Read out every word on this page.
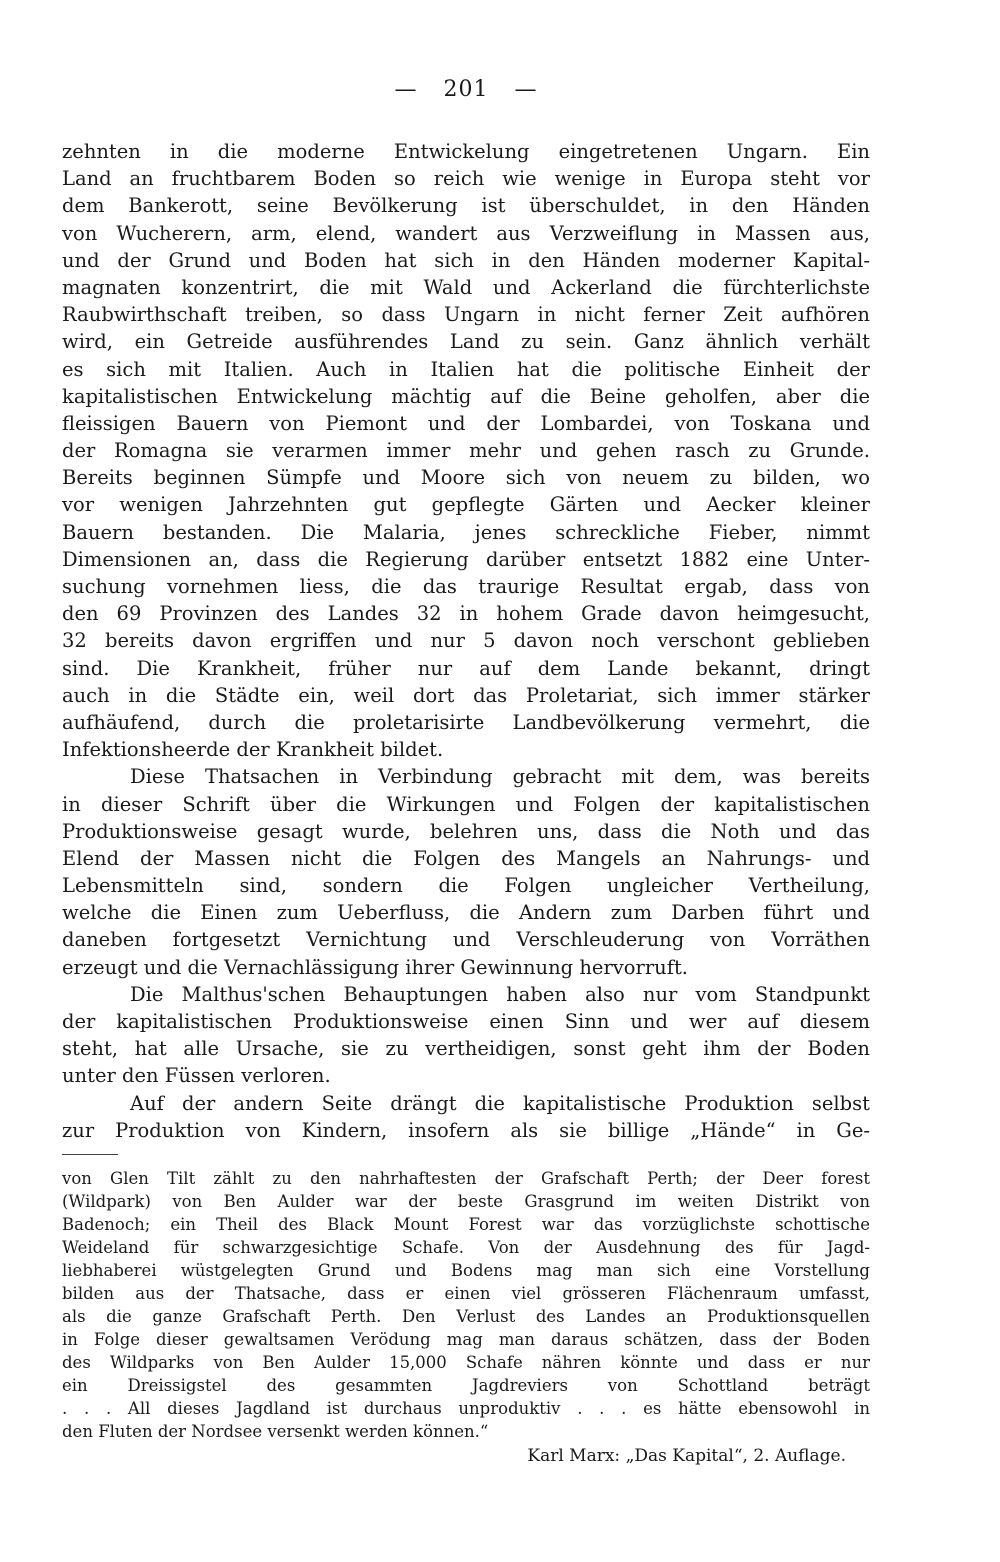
— 201 —
zehnten in die moderne Entwickelung eingetretenen Ungarn. Ein
Land an fruchtbarem Boden so reich wie wenige in Europa steht vor
dem Bankerott, seine Bevölkerung ist überschuldet, in den Händen
von Wucherern, arm, elend, wandert aus Verzweiflung in Massen aus,
und der Grund und Boden hat sich in den Händen moderner Kapital-
magnaten konzentrirt, die mit Wald und Ackerland die fürchterlichste
Raubwirthschaft treiben, so dass Ungarn in nicht ferner Zeit aufhören
wird, ein Getreide ausführendes Land zu sein. Ganz ähnlich verhält
es sich mit Italien. Auch in Italien hat die politische Einheit der
kapitalistischen Entwickelung mächtig auf die Beine geholfen, aber die
fleissigen Bauern von Piemont und der Lombardei, von Toskana und
der Romagna sie verarmen immer mehr und gehen rasch zu Grunde.
Bereits beginnen Sümpfe und Moore sich von neuem zu bilden, wo
vor wenigen Jahrzehnten gut gepflegte Gärten und Aecker kleiner
Bauern bestanden. Die Malaria, jenes schreckliche Fieber, nimmt
Dimensionen an, dass die Regierung darüber entsetzt 1882 eine Unter-
suchung vornehmen liess, die das traurige Resultat ergab, dass von
den 69 Provinzen des Landes 32 in hohem Grade davon heimgesucht,
32 bereits davon ergriffen und nur 5 davon noch verschont geblieben
sind. Die Krankheit, früher nur auf dem Lande bekannt, dringt
auch in die Städte ein, weil dort das Proletariat, sich immer stärker
aufhäufend, durch die proletarisirte Landbevölkerung vermehrt, die
Infektionsheerde der Krankheit bildet.
Diese Thatsachen in Verbindung gebracht mit dem, was bereits
in dieser Schrift über die Wirkungen und Folgen der kapitalistischen
Produktionsweise gesagt wurde, belehren uns, dass die Noth und das
Elend der Massen nicht die Folgen des Mangels an Nahrungs- und
Lebensmitteln sind, sondern die Folgen ungleicher Vertheilung,
welche die Einen zum Ueberfluss, die Andern zum Darben führt und
daneben fortgesetzt Vernichtung und Verschleuderung von Vorräthen
erzeugt und die Vernachlässigung ihrer Gewinnung hervorruft.
Die Malthus'schen Behauptungen haben also nur vom Standpunkt
der kapitalistischen Produktionsweise einen Sinn und wer auf diesem
steht, hat alle Ursache, sie zu vertheidigen, sonst geht ihm der Boden
unter den Füssen verloren.
Auf der andern Seite drängt die kapitalistische Produktion selbst
zur Produktion von Kindern, insofern als sie billige „Hände“ in Ge-
von Glen Tilt zählt zu den nahrhaftesten der Grafschaft Perth; der Deer forest
(Wildpark) von Ben Aulder war der beste Grasgrund im weiten Distrikt von
Badenoch; ein Theil des Black Mount Forest war das vorzüglichste schottische
Weideland für schwarzgesichtige Schafe. Von der Ausdehnung des für Jagd-
liebhaberei wüstgelegten Grund und Bodens mag man sich eine Vorstellung
bilden aus der Thatsache, dass er einen viel grösseren Flächenraum umfasst,
als die ganze Grafschaft Perth. Den Verlust des Landes an Produktionsquellen
in Folge dieser gewaltsamen Verödung mag man daraus schätzen, dass der Boden
des Wildparks von Ben Aulder 15,000 Schafe nähren könnte und dass er nur
ein Dreissigstel des gesammten Jagdreviers von Schottland beträgt
. . . All dieses Jagdland ist durchaus unproduktiv . . . es hätte ebensowohl in
den Fluten der Nordsee versenkt werden können.“
Karl Marx: „Das Kapital“, 2. Auflage.
